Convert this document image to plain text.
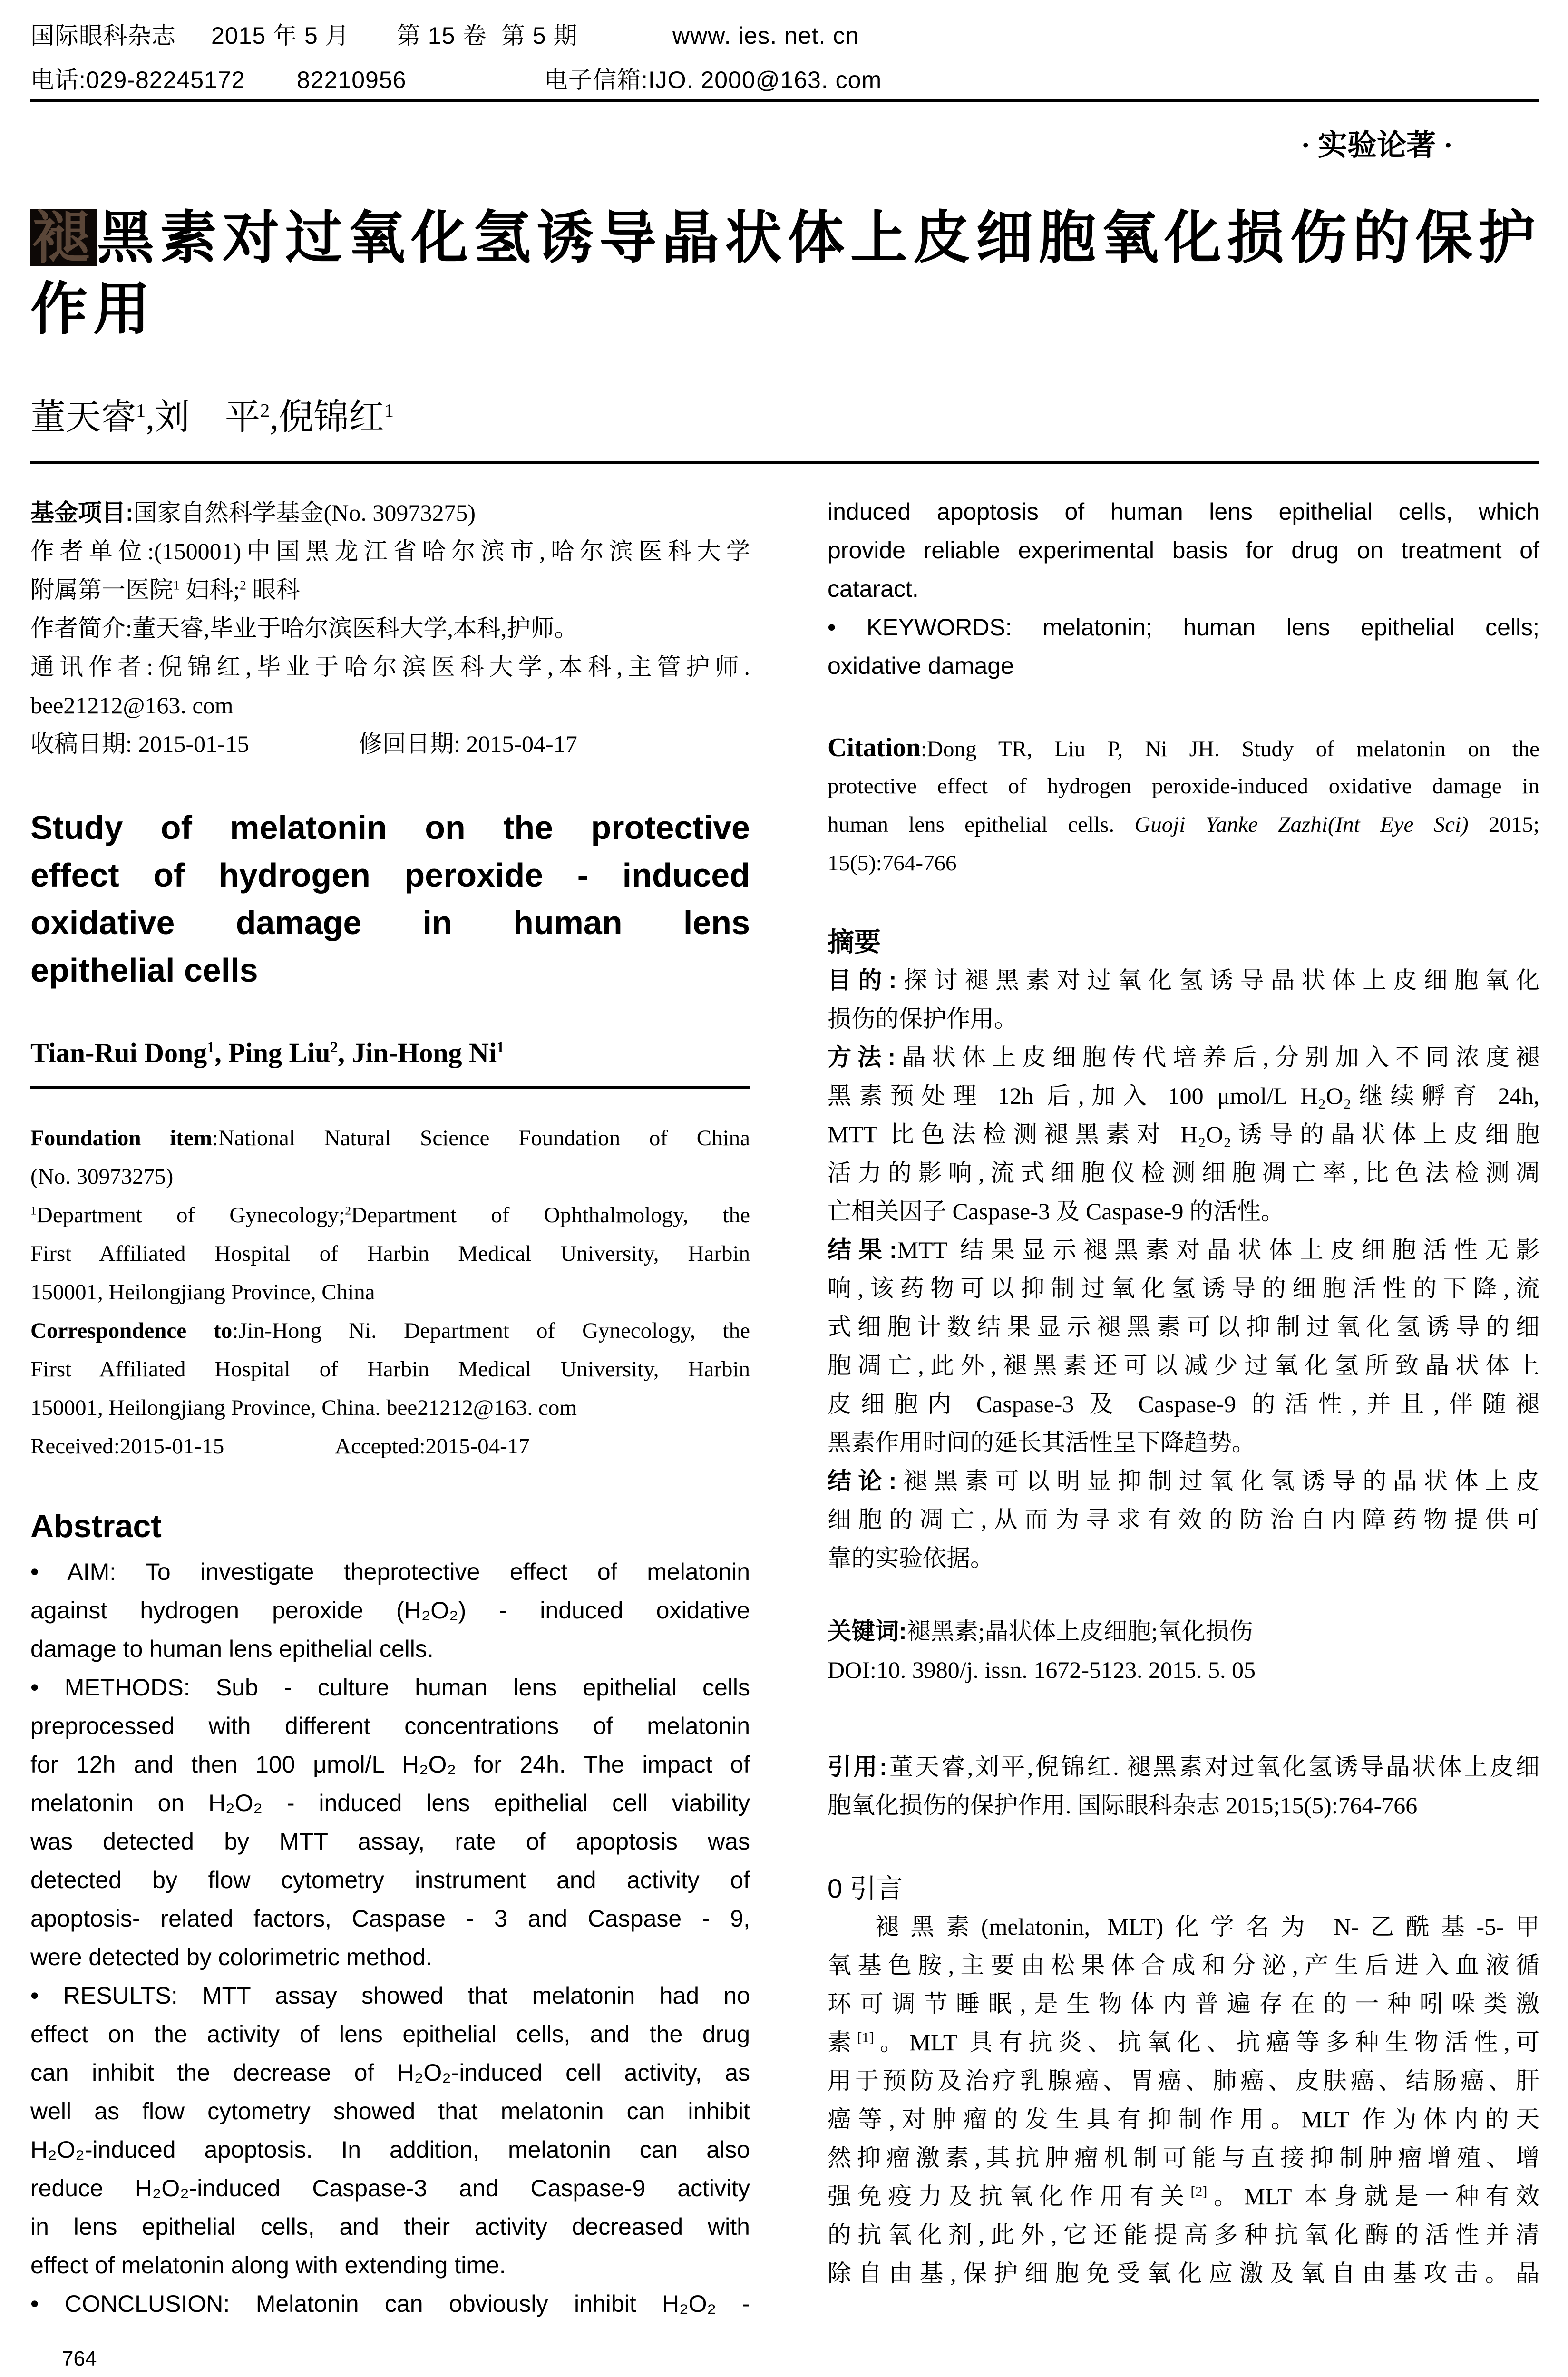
国际眼科杂志 2015 年 5 月 第 15 卷 第 5 期	www. ies. net. cn
电话:029-82245172 82210956	电子信箱:IJO. 2000@163. com
· 实验论著 ·
褪黑素对过氧化氢诱导晶状体上皮细胞氧化损伤的保护
作用
董天睿$^1$,刘　平$^2$,倪锦红$^1$
基金项目:国家自然科学基金(No. 30973275)
作者单位:(150001)中国黑龙江省哈尔滨市,哈尔滨医科大学
附属第一医院$^1$ 妇科;$^2$ 眼科
作者简介:董天睿,毕业于哈尔滨医科大学,本科,护师。
通讯作者:倪锦红,毕业于哈尔滨医科大学,本科,主管护师.
bee21212@163. com
收稿日期: 2015-01-15	修回日期: 2015-04-17
Study of melatonin on the protective
effect of hydrogen peroxide - induced
oxidative damage in human lens
epithelial cells
Tian-Rui Dong$^1$, Ping Liu$^2$, Jin-Hong Ni$^1$
Foundation item:National Natural Science Foundation of China
(No. 30973275)
$^1$Department of Gynecology;$^2$Department of Ophthalmology, the
First Affiliated Hospital of Harbin Medical University, Harbin
150001, Heilongjiang Province, China
Correspondence to:Jin-Hong Ni. Department of Gynecology, the
First Affiliated Hospital of Harbin Medical University, Harbin
150001, Heilongjiang Province, China. bee21212@163. com
Received:2015-01-15	Accepted:2015-04-17
Abstract
• AIM: To investigate theprotective effect of melatonin
against hydrogen peroxide (H₂O₂) - induced oxidative
damage to human lens epithelial cells.
• METHODS: Sub - culture human lens epithelial cells
preprocessed with different concentrations of melatonin
for 12h and then 100 μmol/L H₂O₂ for 24h. The impact of
melatonin on H₂O₂ - induced lens epithelial cell viability
was detected by MTT assay, rate of apoptosis was
detected by flow cytometry instrument and activity of
apoptosis- related factors, Caspase - 3 and Caspase - 9,
were detected by colorimetric method.
• RESULTS: MTT assay showed that melatonin had no
effect on the activity of lens epithelial cells, and the drug
can inhibit the decrease of H₂O₂-induced cell activity, as
well as flow cytometry showed that melatonin can inhibit
H₂O₂-induced apoptosis. In addition, melatonin can also
reduce H₂O₂-induced Caspase-3 and Caspase-9 activity
in lens epithelial cells, and their activity decreased with
effect of melatonin along with extending time.
• CONCLUSION: Melatonin can obviously inhibit H₂O₂ -
764
induced apoptosis of human lens epithelial cells, which
provide reliable experimental basis for drug on treatment of
cataract.
• KEYWORDS: melatonin; human lens epithelial cells;
oxidative damage
Citation:Dong TR, Liu P, Ni JH. Study of melatonin on the
protective effect of hydrogen peroxide-induced oxidative damage in
human lens epithelial cells. Guoji Yanke Zazhi(Int Eye Sci) 2015;
15(5):764-766
摘要
目的:探讨褪黑素对过氧化氢诱导晶状体上皮细胞氧化
损伤的保护作用。
方法:晶状体上皮细胞传代培养后,分别加入不同浓度褪
黑素预处理 12h 后,加入 100 μmol/L H₂O₂继续孵育 24h,
MTT 比色法检测褪黑素对 H₂O₂诱导的晶状体上皮细胞
活力的影响,流式细胞仪检测细胞凋亡率,比色法检测凋
亡相关因子 Caspase-3 及 Caspase-9 的活性。
结果:MTT 结果显示褪黑素对晶状体上皮细胞活性无影
响,该药物可以抑制过氧化氢诱导的细胞活性的下降,流
式细胞计数结果显示褪黑素可以抑制过氧化氢诱导的细
胞凋亡,此外,褪黑素还可以减少过氧化氢所致晶状体上
皮细胞内 Caspase-3 及 Caspase-9 的活性,并且,伴随褪
黑素作用时间的延长其活性呈下降趋势。
结论:褪黑素可以明显抑制过氧化氢诱导的晶状体上皮
细胞的凋亡,从而为寻求有效的防治白内障药物提供可
靠的实验依据。
关键词:褪黑素;晶状体上皮细胞;氧化损伤
DOI:10. 3980/j. issn. 1672-5123. 2015. 5. 05
引用:董天睿,刘平,倪锦红. 褪黑素对过氧化氢诱导晶状体上皮细
胞氧化损伤的保护作用. 国际眼科杂志 2015;15(5):764-766
0 引言
褪黑素(melatonin, MLT)化学名为 N-乙酰基-5-甲
氧基色胺,主要由松果体合成和分泌,产生后进入血液循
环可调节睡眠,是生物体内普遍存在的一种吲哚类激
素[1]。MLT 具有抗炎、抗氧化、抗癌等多种生物活性,可
用于预防及治疗乳腺癌、胃癌、肺癌、皮肤癌、结肠癌、肝
癌等,对肿瘤的发生具有抑制作用。MLT 作为体内的天
然抑瘤激素,其抗肿瘤机制可能与直接抑制肿瘤增殖、增
强免疫力及抗氧化作用有关[2]。MLT 本身就是一种有效
的抗氧化剂,此外,它还能提高多种抗氧化酶的活性并清
除自由基,保护细胞免受氧化应激及氧自由基攻击。晶
